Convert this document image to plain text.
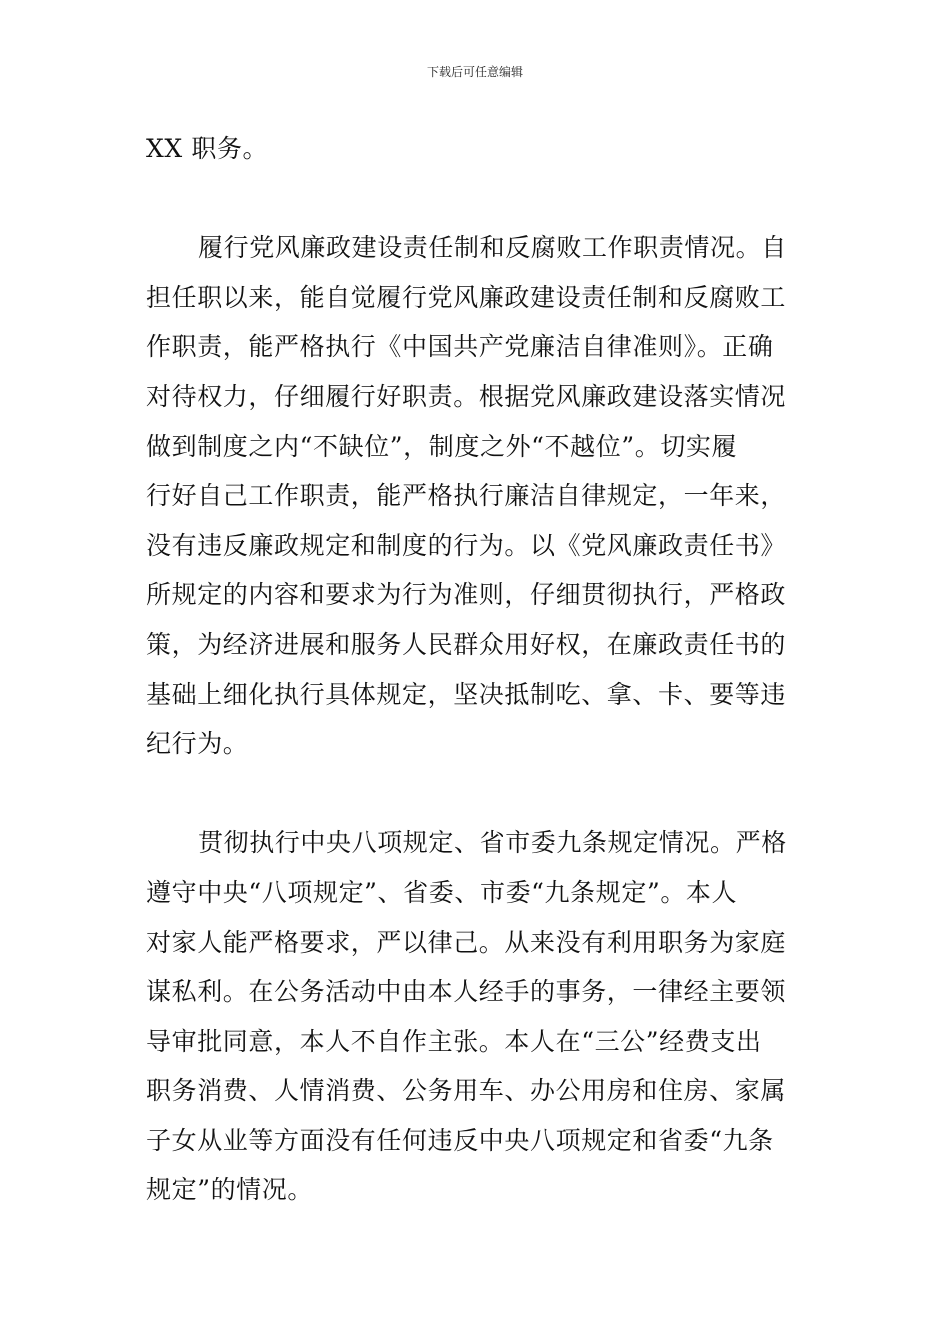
下载后可任意编辑
XX 职务。
履行党风廉政建设责任制和反腐败工作职责情况。自
担任职以来，能自觉履行党风廉政建设责任制和反腐败工
作职责，能严格执行《中国共产党廉洁自律准则》。正确
对待权力，仔细履行好职责。根据党风廉政建设落实情况
做到制度之内“不缺位”，制度之外“不越位”。切实履
行好自己工作职责，能严格执行廉洁自律规定，一年来，
没有违反廉政规定和制度的行为。以《党风廉政责任书》
所规定的内容和要求为行为准则，仔细贯彻执行，严格政
策，为经济进展和服务人民群众用好权，在廉政责任书的
基础上细化执行具体规定，坚决抵制吃、拿、卡、要等违
纪行为。
贯彻执行中央八项规定、省市委九条规定情况。严格
遵守中央“八项规定”、省委、市委“九条规定”。本人
对家人能严格要求，严以律己。从来没有利用职务为家庭
谋私利。在公务活动中由本人经手的事务，一律经主要领
导审批同意，本人不自作主张。本人在“三公”经费支出
职务消费、人情消费、公务用车、办公用房和住房、家属
子女从业等方面没有任何违反中央八项规定和省委“九条
规定”的情况。
